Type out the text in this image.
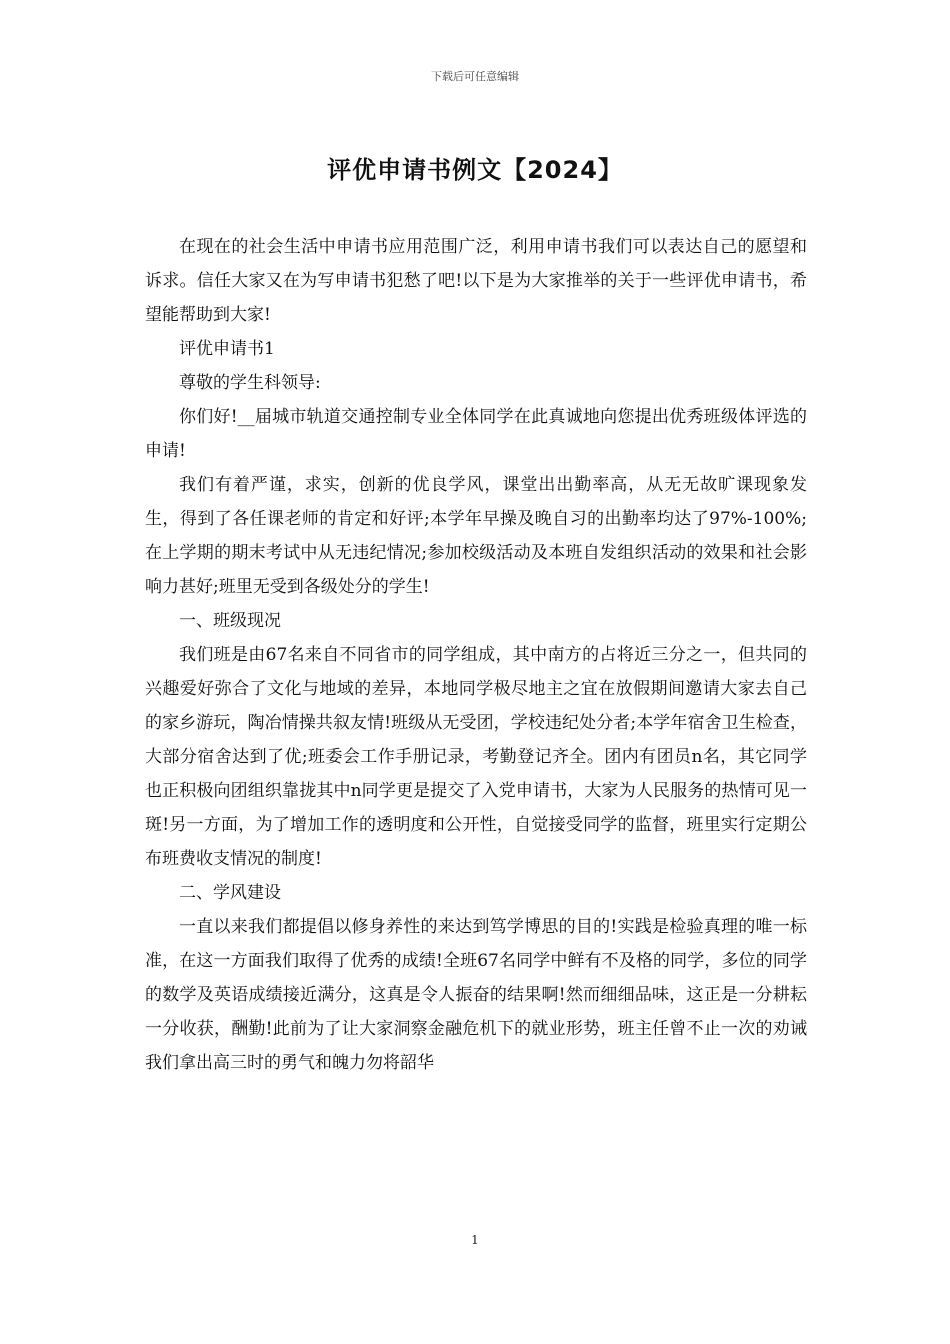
下载后可任意编辑
评优申请书例文【2024】

在现在的社会生活中申请书应用范围广泛，利用申请书我们可以表达自己的愿望和诉求。信任大家又在为写申请书犯愁了吧!以下是为大家推举的关于一些评优申请书，希望能帮助到大家!

评优申请书1

尊敬的学生科领导:

你们好!__届城市轨道交通控制专业全体同学在此真诚地向您提出优秀班级体评选的申请!

我们有着严谨，求实，创新的优良学风，课堂出出勤率高，从无无故旷课现象发生，得到了各任课老师的肯定和好评;本学年早操及晚自习的出勤率均达了97%-100%;在上学期的期末考试中从无违纪情况;参加校级活动及本班自发组织活动的效果和社会影响力甚好;班里无受到各级处分的学生!

一、班级现况

我们班是由67名来自不同省市的同学组成，其中南方的占将近三分之一，但共同的兴趣爱好弥合了文化与地域的差异，本地同学极尽地主之宜在放假期间邀请大家去自己的家乡游玩，陶冶情操共叙友情!班级从无受团，学校违纪处分者;本学年宿舍卫生检查，大部分宿舍达到了优;班委会工作手册记录，考勤登记齐全。团内有团员n名，其它同学也正积极向团组织靠拢其中n同学更是提交了入党申请书，大家为人民服务的热情可见一斑!另一方面，为了增加工作的透明度和公开性，自觉接受同学的监督，班里实行定期公布班费收支情况的制度!

二、学风建设

一直以来我们都提倡以修身养性的来达到笃学博思的目的!实践是检验真理的唯一标准，在这一方面我们取得了优秀的成绩!全班67名同学中鲜有不及格的同学，多位的同学的数学及英语成绩接近满分，这真是令人振奋的结果啊!然而细细品味，这正是一分耕耘一分收获，酬勤!此前为了让大家洞察金融危机下的就业形势，班主任曾不止一次的劝诫我们拿出高三时的勇气和魄力勿将韶华

1
